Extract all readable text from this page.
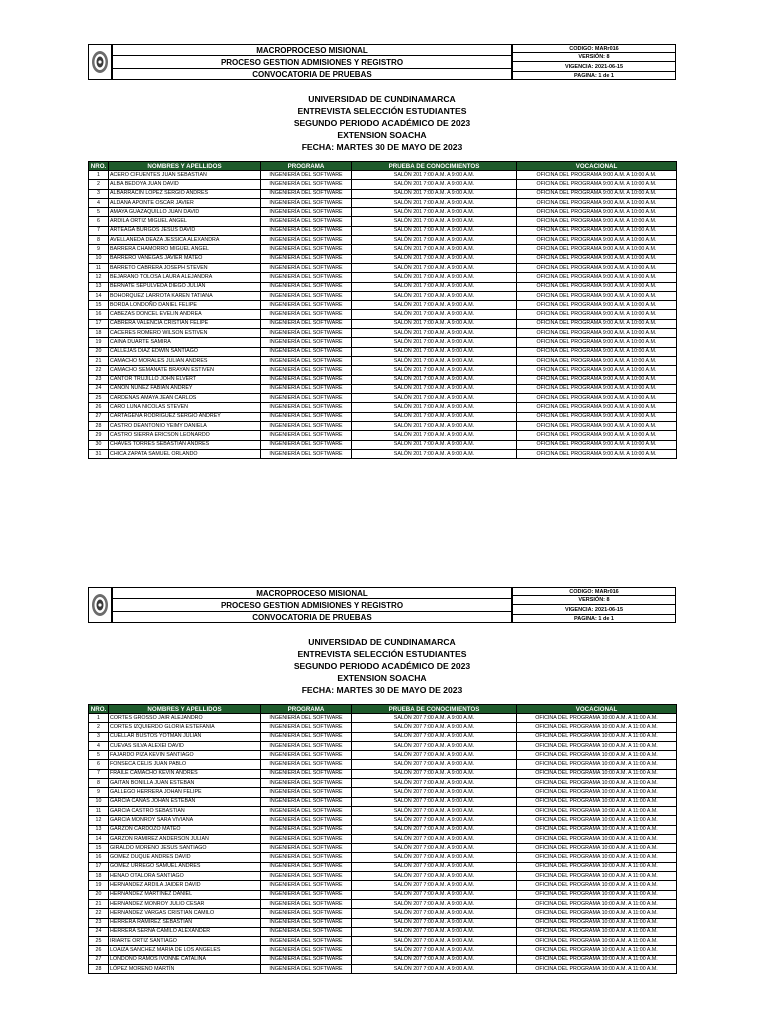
MACROPROCESO MISIONAL
PROCESO GESTION ADMISIONES Y REGISTRO
CONVOCATORIA DE PRUEBAS
CODIGO: MARr016
VERSIÓN: 8
VIGENCIA: 2021-06-15
PAGINA: 1 de 1
UNIVERSIDAD DE CUNDINAMARCA
ENTREVISTA SELECCIÓN ESTUDIANTES
SEGUNDO PERIODO ACADÉMICO DE 2023
EXTENSION SOACHA
FECHA: MARTES 30 DE MAYO DE 2023
NRO.	NOMBRES Y APELLIDOS	PROGRAMA	PRUEBA DE CONOCIMIENTOS	VOCACIONAL
1	ACERO CIFUENTES JUAN SEBASTIAN	INGENIERÍA DEL SOFTWARE	SALÓN 201 7:00 A.M. A 9:00 A.M.	OFICINA DEL PROGRAMA 9:00 A.M. A 10:00 A.M.
2	ALBA BEDOYA JUAN DAVID	INGENIERÍA DEL SOFTWARE	SALÓN 201 7:00 A.M. A 9:00 A.M.	OFICINA DEL PROGRAMA 9:00 A.M. A 10:00 A.M.
3	ALBARRACIN LOPEZ SERGIO ANDRES	INGENIERÍA DEL SOFTWARE	SALÓN 201 7:00 A.M. A 9:00 A.M.	OFICINA DEL PROGRAMA 9:00 A.M. A 10:00 A.M.
4	ALDANA APONTE OSCAR JAVIER	INGENIERÍA DEL SOFTWARE	SALÓN 201 7:00 A.M. A 9:00 A.M.	OFICINA DEL PROGRAMA 9:00 A.M. A 10:00 A.M.
5	AMAYA GUAZAQUILLO JUAN DAVID	INGENIERÍA DEL SOFTWARE	SALÓN 201 7:00 A.M. A 9:00 A.M.	OFICINA DEL PROGRAMA 9:00 A.M. A 10:00 A.M.
6	ARDILA ORTIZ MIGUEL ANGEL	INGENIERÍA DEL SOFTWARE	SALÓN 201 7:00 A.M. A 9:00 A.M.	OFICINA DEL PROGRAMA 9:00 A.M. A 10:00 A.M.
7	ARTEAGA BURGOS JESUS DAVID	INGENIERÍA DEL SOFTWARE	SALÓN 201 7:00 A.M. A 9:00 A.M.	OFICINA DEL PROGRAMA 9:00 A.M. A 10:00 A.M.
8	AVELLANEDA DEAZA JESSICA ALEXANDRA	INGENIERÍA DEL SOFTWARE	SALÓN 201 7:00 A.M. A 9:00 A.M.	OFICINA DEL PROGRAMA 9:00 A.M. A 10:00 A.M.
9	BARRERA CHAMORRO MIGUEL ANGEL	INGENIERÍA DEL SOFTWARE	SALÓN 201 7:00 A.M. A 9:00 A.M.	OFICINA DEL PROGRAMA 9:00 A.M. A 10:00 A.M.
10	BARRERO VANEGAS JAVIER MATEO	INGENIERÍA DEL SOFTWARE	SALÓN 201 7:00 A.M. A 9:00 A.M.	OFICINA DEL PROGRAMA 9:00 A.M. A 10:00 A.M.
11	BARRETO CABRERA JOSEPH STEVEN	INGENIERÍA DEL SOFTWARE	SALÓN 201 7:00 A.M. A 9:00 A.M.	OFICINA DEL PROGRAMA 9:00 A.M. A 10:00 A.M.
12	BEJARANO TOLOSA LAURA ALEJANDRA	INGENIERÍA DEL SOFTWARE	SALÓN 201 7:00 A.M. A 9:00 A.M.	OFICINA DEL PROGRAMA 9:00 A.M. A 10:00 A.M.
13	BERNATE SEPULVEDA DIEGO JULIAN	INGENIERÍA DEL SOFTWARE	SALÓN 201 7:00 A.M. A 9:00 A.M.	OFICINA DEL PROGRAMA 9:00 A.M. A 10:00 A.M.
14	BOHORQUEZ LARROTA KAREN TATIANA	INGENIERÍA DEL SOFTWARE	SALÓN 201 7:00 A.M. A 9:00 A.M.	OFICINA DEL PROGRAMA 9:00 A.M. A 10:00 A.M.
15	BORDA LONDOÑO DANIEL FELIPE	INGENIERÍA DEL SOFTWARE	SALÓN 201 7:00 A.M. A 9:00 A.M.	OFICINA DEL PROGRAMA 9:00 A.M. A 10:00 A.M.
16	CABEZAS DONCEL EVELIN ANDREA	INGENIERÍA DEL SOFTWARE	SALÓN 201 7:00 A.M. A 9:00 A.M.	OFICINA DEL PROGRAMA 9:00 A.M. A 10:00 A.M.
17	CABRERA VALENCIA CRISTIAN FELIPE	INGENIERÍA DEL SOFTWARE	SALÓN 201 7:00 A.M. A 9:00 A.M.	OFICINA DEL PROGRAMA 9:00 A.M. A 10:00 A.M.
18	CACERES ROMERO WILSON ESTIVEN	INGENIERÍA DEL SOFTWARE	SALÓN 201 7:00 A.M. A 9:00 A.M.	OFICINA DEL PROGRAMA 9:00 A.M. A 10:00 A.M.
19	CAINA DUARTE SAMIRA	INGENIERÍA DEL SOFTWARE	SALÓN 201 7:00 A.M. A 9:00 A.M.	OFICINA DEL PROGRAMA 9:00 A.M. A 10:00 A.M.
20	CALLEJAS DIAZ EDWIN SANTIAGO	INGENIERÍA DEL SOFTWARE	SALÓN 201 7:00 A.M. A 9:00 A.M.	OFICINA DEL PROGRAMA 9:00 A.M. A 10:00 A.M.
21	CAMACHO MORALES JULIAN ANDRES	INGENIERÍA DEL SOFTWARE	SALÓN 201 7:00 A.M. A 9:00 A.M.	OFICINA DEL PROGRAMA 9:00 A.M. A 10:00 A.M.
22	CAMACHO SEMANATE BRAYAN ESTIVEN	INGENIERÍA DEL SOFTWARE	SALÓN 201 7:00 A.M. A 9:00 A.M.	OFICINA DEL PROGRAMA 9:00 A.M. A 10:00 A.M.
23	CANTOR TRUJILLO JOHN ELVERT	INGENIERÍA DEL SOFTWARE	SALÓN 201 7:00 A.M. A 9:00 A.M.	OFICINA DEL PROGRAMA 9:00 A.M. A 10:00 A.M.
24	CAÑON NUÑEZ FABIAN ANDREY	INGENIERÍA DEL SOFTWARE	SALÓN 201 7:00 A.M. A 9:00 A.M.	OFICINA DEL PROGRAMA 9:00 A.M. A 10:00 A.M.
25	CARDENAS AMAYA JEAN CARLOS	INGENIERÍA DEL SOFTWARE	SALÓN 201 7:00 A.M. A 9:00 A.M.	OFICINA DEL PROGRAMA 9:00 A.M. A 10:00 A.M.
26	CARO LUNA NICOLAS STEVEN	INGENIERÍA DEL SOFTWARE	SALÓN 201 7:00 A.M. A 9:00 A.M.	OFICINA DEL PROGRAMA 9:00 A.M. A 10:00 A.M.
27	CARTAGENA RODRIGUEZ SERGIO ANDREY	INGENIERÍA DEL SOFTWARE	SALÓN 201 7:00 A.M. A 9:00 A.M.	OFICINA DEL PROGRAMA 9:00 A.M. A 10:00 A.M.
28	CASTRO DEANTONIO YEIMY DANIELA	INGENIERÍA DEL SOFTWARE	SALÓN 201 7:00 A.M. A 9:00 A.M.	OFICINA DEL PROGRAMA 9:00 A.M. A 10:00 A.M.
29	CASTRO SIERRA ERICSON LEONARDO	INGENIERÍA DEL SOFTWARE	SALÓN 201 7:00 A.M. A 9:00 A.M.	OFICINA DEL PROGRAMA 9:00 A.M. A 10:00 A.M.
30	CHAVES TORRES SEBASTIAN ANDRES	INGENIERÍA DEL SOFTWARE	SALÓN 201 7:00 A.M. A 9:00 A.M.	OFICINA DEL PROGRAMA 9:00 A.M. A 10:00 A.M.
31	CHICA ZAPATA SAMUEL ORLANDO	INGENIERÍA DEL SOFTWARE	SALÓN 201 7:00 A.M. A 9:00 A.M.	OFICINA DEL PROGRAMA 9:00 A.M. A 10:00 A.M.
MACROPROCESO MISIONAL
PROCESO GESTION ADMISIONES Y REGISTRO
CONVOCATORIA DE PRUEBAS
CODIGO: MARr016
VERSIÓN: 8
VIGENCIA: 2021-06-15
PAGINA: 1 de 1
UNIVERSIDAD DE CUNDINAMARCA
ENTREVISTA SELECCIÓN ESTUDIANTES
SEGUNDO PERIODO ACADÉMICO DE 2023
EXTENSION SOACHA
FECHA: MARTES 30 DE MAYO DE 2023
NRO.	NOMBRES Y APELLIDOS	PROGRAMA	PRUEBA DE CONOCIMIENTOS	VOCACIONAL
1	CORTES GROSSO JAIR ALEJANDRO	INGENIERÍA DEL SOFTWARE	SALÓN 207 7:00 A.M. A 9:00 A.M.	OFICINA DEL PROGRAMA 10:00 A.M. A 11:00 A.M.
2	CORTES IZQUIERDO GLORIA ESTEFANIA	INGENIERÍA DEL SOFTWARE	SALÓN 207 7:00 A.M. A 9:00 A.M.	OFICINA DEL PROGRAMA 10:00 A.M. A 11:00 A.M.
3	CUELLAR BUSTOS YOTMAN JULIAN	INGENIERÍA DEL SOFTWARE	SALÓN 207 7:00 A.M. A 9:00 A.M.	OFICINA DEL PROGRAMA 10:00 A.M. A 11:00 A.M.
4	CUEVAS SILVA ALEXEI DAVID	INGENIERÍA DEL SOFTWARE	SALÓN 207 7:00 A.M. A 9:00 A.M.	OFICINA DEL PROGRAMA 10:00 A.M. A 11:00 A.M.
5	FAJARDO PIZA KEVIN SANTIAGO	INGENIERÍA DEL SOFTWARE	SALÓN 207 7:00 A.M. A 9:00 A.M.	OFICINA DEL PROGRAMA 10:00 A.M. A 11:00 A.M.
6	FONSECA CELIS JUAN PABLO	INGENIERÍA DEL SOFTWARE	SALÓN 207 7:00 A.M. A 9:00 A.M.	OFICINA DEL PROGRAMA 10:00 A.M. A 11:00 A.M.
7	FRAILE CAMACHO KEVIN ANDRES	INGENIERÍA DEL SOFTWARE	SALÓN 207 7:00 A.M. A 9:00 A.M.	OFICINA DEL PROGRAMA 10:00 A.M. A 11:00 A.M.
8	GAITAN BONILLA JUAN ESTEBAN	INGENIERÍA DEL SOFTWARE	SALÓN 207 7:00 A.M. A 9:00 A.M.	OFICINA DEL PROGRAMA 10:00 A.M. A 11:00 A.M.
9	GALLEGO HERRERA JOHAN FELIPE	INGENIERÍA DEL SOFTWARE	SALÓN 207 7:00 A.M. A 9:00 A.M.	OFICINA DEL PROGRAMA 10:00 A.M. A 11:00 A.M.
10	GARCIA CAÑAS JOHAN ESTEBAN	INGENIERÍA DEL SOFTWARE	SALÓN 207 7:00 A.M. A 9:00 A.M.	OFICINA DEL PROGRAMA 10:00 A.M. A 11:00 A.M.
11	GARCIA CASTRO SEBASTIAN	INGENIERÍA DEL SOFTWARE	SALÓN 207 7:00 A.M. A 9:00 A.M.	OFICINA DEL PROGRAMA 10:00 A.M. A 11:00 A.M.
12	GARCIA MONROY SARA VIVIANA	INGENIERÍA DEL SOFTWARE	SALÓN 207 7:00 A.M. A 9:00 A.M.	OFICINA DEL PROGRAMA 10:00 A.M. A 11:00 A.M.
13	GARZON CARDOZO MATEO	INGENIERÍA DEL SOFTWARE	SALÓN 207 7:00 A.M. A 9:00 A.M.	OFICINA DEL PROGRAMA 10:00 A.M. A 11:00 A.M.
14	GARZON RAMIREZ ANDERSON JULIAN	INGENIERÍA DEL SOFTWARE	SALÓN 207 7:00 A.M. A 9:00 A.M.	OFICINA DEL PROGRAMA 10:00 A.M. A 11:00 A.M.
15	GIRALDO MORENO JESUS SANTIAGO	INGENIERÍA DEL SOFTWARE	SALÓN 207 7:00 A.M. A 9:00 A.M.	OFICINA DEL PROGRAMA 10:00 A.M. A 11:00 A.M.
16	GOMEZ DUQUE ANDRES DAVID	INGENIERÍA DEL SOFTWARE	SALÓN 207 7:00 A.M. A 9:00 A.M.	OFICINA DEL PROGRAMA 10:00 A.M. A 11:00 A.M.
17	GOMEZ URREGO SAMUEL ANDRES	INGENIERÍA DEL SOFTWARE	SALÓN 207 7:00 A.M. A 9:00 A.M.	OFICINA DEL PROGRAMA 10:00 A.M. A 11:00 A.M.
18	HENAO OTALORA SANTIAGO	INGENIERÍA DEL SOFTWARE	SALÓN 207 7:00 A.M. A 9:00 A.M.	OFICINA DEL PROGRAMA 10:00 A.M. A 11:00 A.M.
19	HERNANDEZ ARDILA JAIDER DAVID	INGENIERÍA DEL SOFTWARE	SALÓN 207 7:00 A.M. A 9:00 A.M.	OFICINA DEL PROGRAMA 10:00 A.M. A 11:00 A.M.
20	HERNANDEZ MARTINEZ DANIEL	INGENIERÍA DEL SOFTWARE	SALÓN 207 7:00 A.M. A 9:00 A.M.	OFICINA DEL PROGRAMA 10:00 A.M. A 11:00 A.M.
21	HERNANDEZ MONROY JULIO CESAR	INGENIERÍA DEL SOFTWARE	SALÓN 207 7:00 A.M. A 9:00 A.M.	OFICINA DEL PROGRAMA 10:00 A.M. A 11:00 A.M.
22	HERNANDEZ VARGAS CRISTIAN CAMILO	INGENIERÍA DEL SOFTWARE	SALÓN 207 7:00 A.M. A 9:00 A.M.	OFICINA DEL PROGRAMA 10:00 A.M. A 11:00 A.M.
23	HERRERA RAMIREZ SEBASTIAN	INGENIERÍA DEL SOFTWARE	SALÓN 207 7:00 A.M. A 9:00 A.M.	OFICINA DEL PROGRAMA 10:00 A.M. A 11:00 A.M.
24	HERRERA SERNA CAMILO ALEXANDER	INGENIERÍA DEL SOFTWARE	SALÓN 207 7:00 A.M. A 9:00 A.M.	OFICINA DEL PROGRAMA 10:00 A.M. A 11:00 A.M.
25	IRIARTE ORTIZ SANTIAGO	INGENIERÍA DEL SOFTWARE	SALÓN 207 7:00 A.M. A 9:00 A.M.	OFICINA DEL PROGRAMA 10:00 A.M. A 11:00 A.M.
26	LOAIZA SANCHEZ MARIA DE LOS ANGELES	INGENIERÍA DEL SOFTWARE	SALÓN 207 7:00 A.M. A 9:00 A.M.	OFICINA DEL PROGRAMA 10:00 A.M. A 11:00 A.M.
27	LONDOÑO RAMOS IVONNE CATALINA	INGENIERÍA DEL SOFTWARE	SALÓN 207 7:00 A.M. A 9:00 A.M.	OFICINA DEL PROGRAMA 10:00 A.M. A 11:00 A.M.
28	LÓPEZ MORENO MARTÍN	INGENIERÍA DEL SOFTWARE	SALÓN 207 7:00 A.M. A 9:00 A.M.	OFICINA DEL PROGRAMA 10:00 A.M. A 11:00 A.M.
